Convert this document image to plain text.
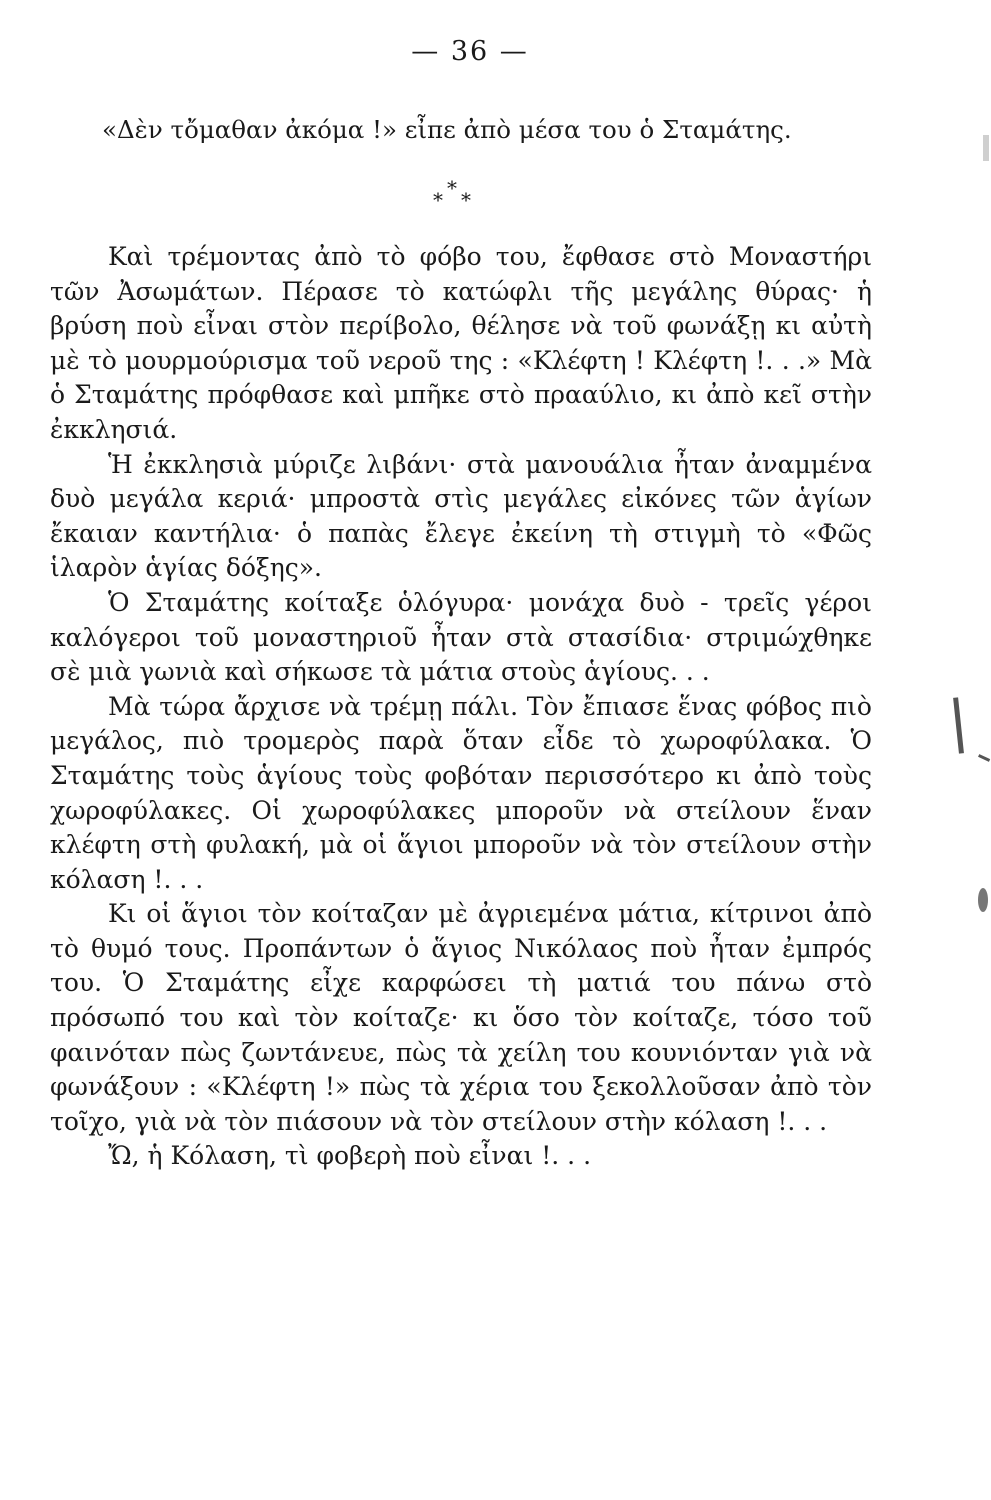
— 36 —
«Δὲν τὄμαθαν ἀκόμα !» εἶπε ἀπὸ μέσα του ὁ Σταμάτης.
*
* *

Καὶ τρέμοντας ἀπὸ τὸ φόβο του, ἔφθασε στὸ Μοναστήρι τῶν Ἀσωμάτων. Πέρασε τὸ κατώφλι τῆς μεγάλης θύρας· ἡ βρύση ποὺ εἶναι στὸν περίβολο, θέλησε νὰ τοῦ φωνάξῃ κι αὐτὴ μὲ τὸ μουρμούρισμα τοῦ νεροῦ της : «Κλέφτη ! Κλέφτη !. . .» Μὰ ὁ Σταμάτης πρόφθασε καὶ μπῆκε στὸ πρααύλιο, κι ἀπὸ κεῖ στὴν ἐκκλησιά.

Ἡ ἐκκλησιὰ μύριζε λιβάνι· στὰ μανουάλια ἦταν ἀναμμένα δυὸ μεγάλα κεριά· μπροστὰ στὶς μεγάλες εἰκόνες τῶν ἁγίων ἔκαιαν καντήλια· ὁ παπὰς ἔλεγε ἐκείνη τὴ στιγμὴ τὸ «Φῶς ἱλαρὸν ἁγίας δόξης».

Ὁ Σταμάτης κοίταξε ὁλόγυρα· μονάχα δυὸ - τρεῖς γέροι καλόγεροι τοῦ μοναστηριοῦ ἦταν στὰ στασίδια· στριμώχθηκε σὲ μιὰ γωνιὰ καὶ σήκωσε τὰ μάτια στοὺς ἁγίους. . .

Μὰ τώρα ἄρχισε νὰ τρέμῃ πάλι. Τὸν ἔπιασε ἕνας φόβος πιὸ μεγάλος, πιὸ τρομερὸς παρὰ ὅταν εἶδε τὸ χωροφύλακα. Ὁ Σταμάτης τοὺς ἁγίους τοὺς φοβόταν περισσότερο κι ἀπὸ τοὺς χωροφύλακες. Οἱ χωροφύλακες μποροῦν νὰ στείλουν ἕναν κλέφτη στὴ φυλακή, μὰ οἱ ἅγιοι μποροῦν νὰ τὸν στείλουν στὴν κόλαση !. . .

Κι οἱ ἅγιοι τὸν κοίταζαν μὲ ἀγριεμένα μάτια, κίτρινοι ἀπὸ τὸ θυμό τους. Προπάντων ὁ ἅγιος Νικόλαος ποὺ ἦταν ἐμπρός του. Ὁ Σταμάτης εἶχε καρφώσει τὴ ματιά του πάνω στὸ πρόσωπό του καὶ τὸν κοίταζε· κι ὅσο τὸν κοίταζε, τόσο τοῦ φαινόταν πὼς ζωντάνευε, πὼς τὰ χείλη του κουνιόνταν γιὰ νὰ φωνάξουν : «Κλέφτη !» πὼς τὰ χέρια του ξεκολλοῦσαν ἀπὸ τὸν τοῖχο, γιὰ νὰ τὸν πιάσουν νὰ τὸν στείλουν στὴν κόλαση !. . .

Ὤ, ἡ Κόλαση, τὶ φοβερὴ ποὺ εἶναι !. . .
